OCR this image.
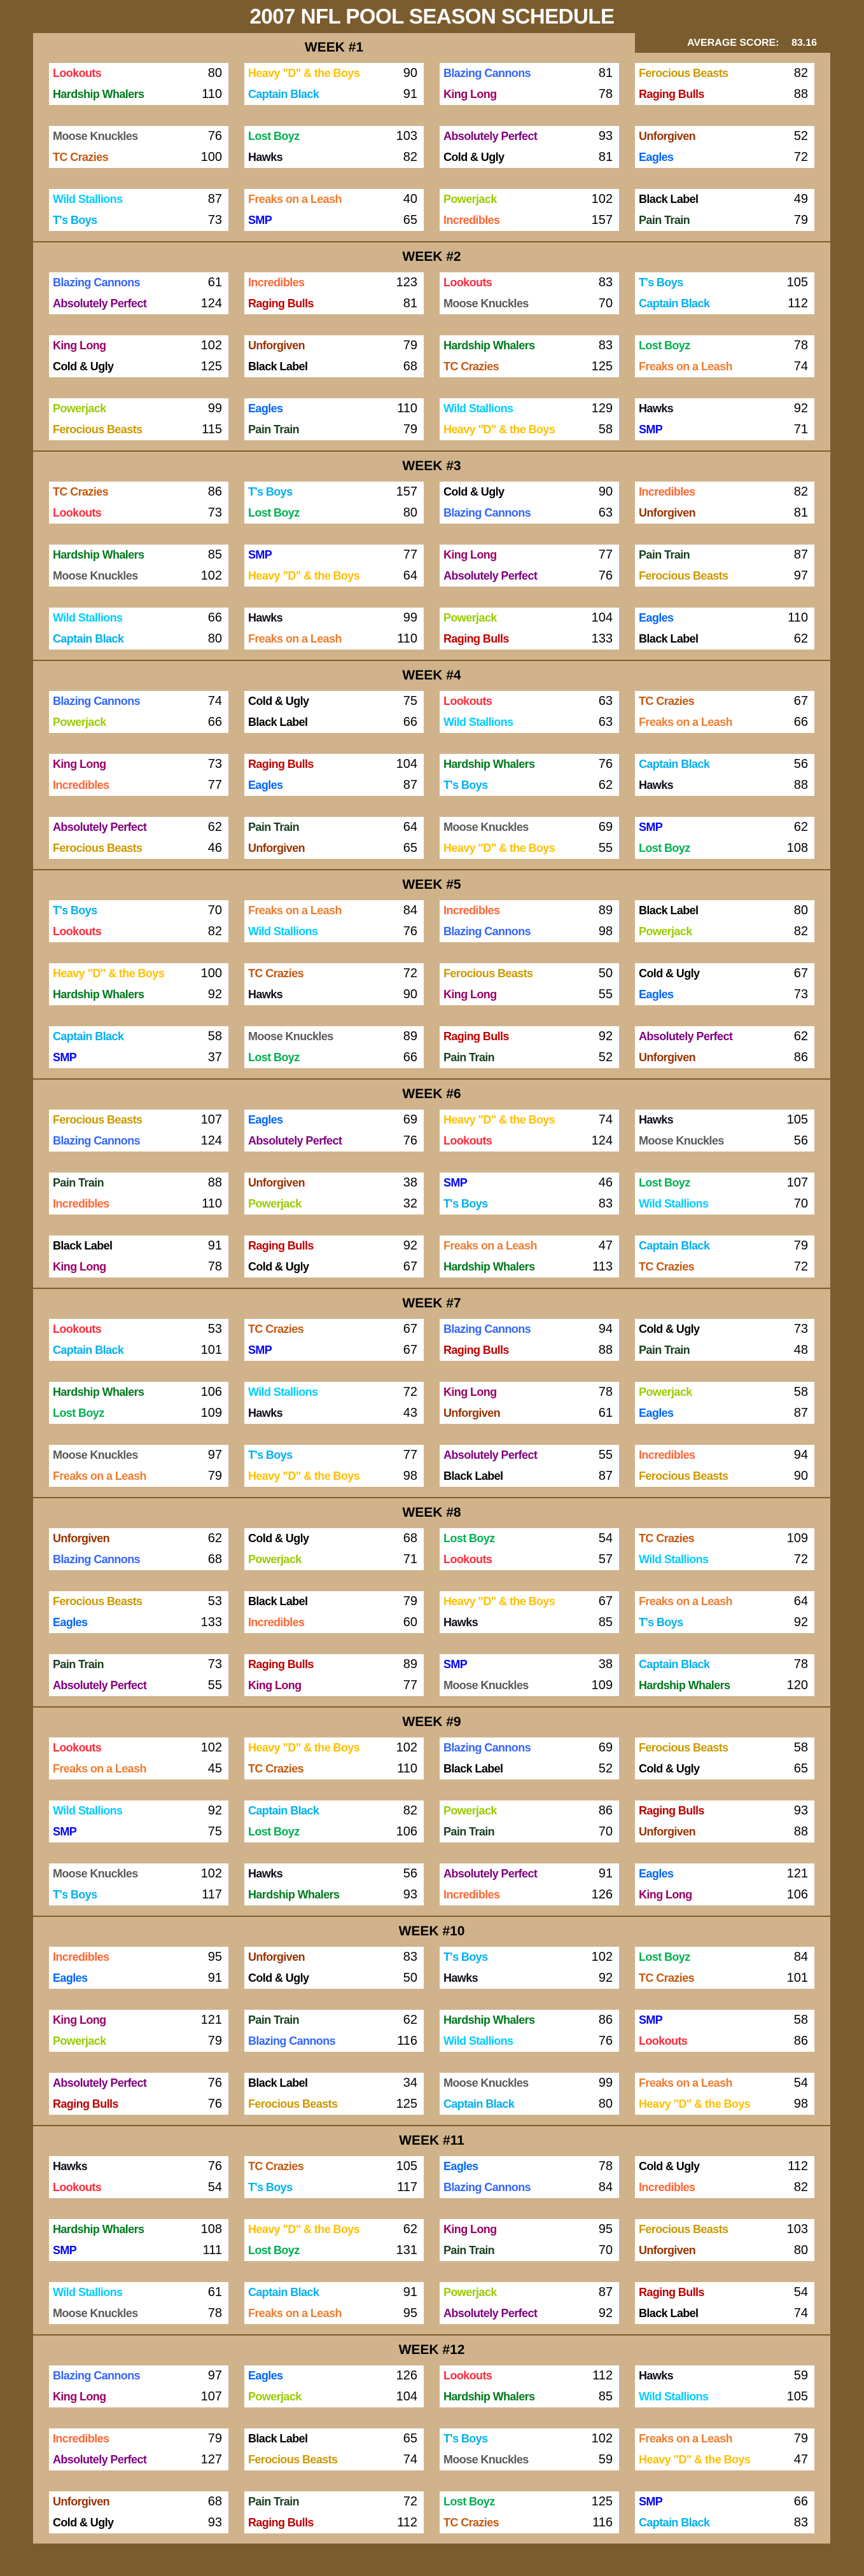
2007 NFL POOL SEASON SCHEDULE
AVERAGE SCORE: 83.16
WEEK #1
Lookouts	80
Hardship Whalers	110
Heavy "D" & the Boys	90
Captain Black	91
Blazing Cannons	81
King Long	78
Ferocious Beasts	82
Raging Bulls	88
Moose Knuckles	76
TC Crazies	100
Lost Boyz	103
Hawks	82
Absolutely Perfect	93
Cold & Ugly	81
Unforgiven	52
Eagles	72
Wild Stallions	87
T's Boys	73
Freaks on a Leash	40
SMP	65
Powerjack	102
Incredibles	157
Black Label	49
Pain Train	79
WEEK #2
Blazing Cannons	61
Absolutely Perfect	124
Incredibles	123
Raging Bulls	81
Lookouts	83
Moose Knuckles	70
T's Boys	105
Captain Black	112
King Long	102
Cold & Ugly	125
Unforgiven	79
Black Label	68
Hardship Whalers	83
TC Crazies	125
Lost Boyz	78
Freaks on a Leash	74
Powerjack	99
Ferocious Beasts	115
Eagles	110
Pain Train	79
Wild Stallions	129
Heavy "D" & the Boys	58
Hawks	92
SMP	71
WEEK #3
TC Crazies	86
Lookouts	73
T's Boys	157
Lost Boyz	80
Cold & Ugly	90
Blazing Cannons	63
Incredibles	82
Unforgiven	81
Hardship Whalers	85
Moose Knuckles	102
SMP	77
Heavy "D" & the Boys	64
King Long	77
Absolutely Perfect	76
Pain Train	87
Ferocious Beasts	97
Wild Stallions	66
Captain Black	80
Hawks	99
Freaks on a Leash	110
Powerjack	104
Raging Bulls	133
Eagles	110
Black Label	62
WEEK #4
Blazing Cannons	74
Powerjack	66
Cold & Ugly	75
Black Label	66
Lookouts	63
Wild Stallions	63
TC Crazies	67
Freaks on a Leash	66
King Long	73
Incredibles	77
Raging Bulls	104
Eagles	87
Hardship Whalers	76
T's Boys	62
Captain Black	56
Hawks	88
Absolutely Perfect	62
Ferocious Beasts	46
Pain Train	64
Unforgiven	65
Moose Knuckles	69
Heavy "D" & the Boys	55
SMP	62
Lost Boyz	108
WEEK #5
T's Boys	70
Lookouts	82
Freaks on a Leash	84
Wild Stallions	76
Incredibles	89
Blazing Cannons	98
Black Label	80
Powerjack	82
Heavy "D" & the Boys	100
Hardship Whalers	92
TC Crazies	72
Hawks	90
Ferocious Beasts	50
King Long	55
Cold & Ugly	67
Eagles	73
Captain Black	58
SMP	37
Moose Knuckles	89
Lost Boyz	66
Raging Bulls	92
Pain Train	52
Absolutely Perfect	62
Unforgiven	86
WEEK #6
Ferocious Beasts	107
Blazing Cannons	124
Eagles	69
Absolutely Perfect	76
Heavy "D" & the Boys	74
Lookouts	124
Hawks	105
Moose Knuckles	56
Pain Train	88
Incredibles	110
Unforgiven	38
Powerjack	32
SMP	46
T's Boys	83
Lost Boyz	107
Wild Stallions	70
Black Label	91
King Long	78
Raging Bulls	92
Cold & Ugly	67
Freaks on a Leash	47
Hardship Whalers	113
Captain Black	79
TC Crazies	72
WEEK #7
Lookouts	53
Captain Black	101
TC Crazies	67
SMP	67
Blazing Cannons	94
Raging Bulls	88
Cold & Ugly	73
Pain Train	48
Hardship Whalers	106
Lost Boyz	109
Wild Stallions	72
Hawks	43
King Long	78
Unforgiven	61
Powerjack	58
Eagles	87
Moose Knuckles	97
Freaks on a Leash	79
T's Boys	77
Heavy "D" & the Boys	98
Absolutely Perfect	55
Black Label	87
Incredibles	94
Ferocious Beasts	90
WEEK #8
Unforgiven	62
Blazing Cannons	68
Cold & Ugly	68
Powerjack	71
Lost Boyz	54
Lookouts	57
TC Crazies	109
Wild Stallions	72
Ferocious Beasts	53
Eagles	133
Black Label	79
Incredibles	60
Heavy "D" & the Boys	67
Hawks	85
Freaks on a Leash	64
T's Boys	92
Pain Train	73
Absolutely Perfect	55
Raging Bulls	89
King Long	77
SMP	38
Moose Knuckles	109
Captain Black	78
Hardship Whalers	120
WEEK #9
Lookouts	102
Freaks on a Leash	45
Heavy "D" & the Boys	102
TC Crazies	110
Blazing Cannons	69
Black Label	52
Ferocious Beasts	58
Cold & Ugly	65
Wild Stallions	92
SMP	75
Captain Black	82
Lost Boyz	106
Powerjack	86
Pain Train	70
Raging Bulls	93
Unforgiven	88
Moose Knuckles	102
T's Boys	117
Hawks	56
Hardship Whalers	93
Absolutely Perfect	91
Incredibles	126
Eagles	121
King Long	106
WEEK #10
Incredibles	95
Eagles	91
Unforgiven	83
Cold & Ugly	50
T's Boys	102
Hawks	92
Lost Boyz	84
TC Crazies	101
King Long	121
Powerjack	79
Pain Train	62
Blazing Cannons	116
Hardship Whalers	86
Wild Stallions	76
SMP	58
Lookouts	86
Absolutely Perfect	76
Raging Bulls	76
Black Label	34
Ferocious Beasts	125
Moose Knuckles	99
Captain Black	80
Freaks on a Leash	54
Heavy "D" & the Boys	98
WEEK #11
Hawks	76
Lookouts	54
TC Crazies	105
T's Boys	117
Eagles	78
Blazing Cannons	84
Cold & Ugly	112
Incredibles	82
Hardship Whalers	108
SMP	111
Heavy "D" & the Boys	62
Lost Boyz	131
King Long	95
Pain Train	70
Ferocious Beasts	103
Unforgiven	80
Wild Stallions	61
Moose Knuckles	78
Captain Black	91
Freaks on a Leash	95
Powerjack	87
Absolutely Perfect	92
Raging Bulls	54
Black Label	74
WEEK #12
Blazing Cannons	97
King Long	107
Eagles	126
Powerjack	104
Lookouts	112
Hardship Whalers	85
Hawks	59
Wild Stallions	105
Incredibles	79
Absolutely Perfect	127
Black Label	65
Ferocious Beasts	74
T's Boys	102
Moose Knuckles	59
Freaks on a Leash	79
Heavy "D" & the Boys	47
Unforgiven	68
Cold & Ugly	93
Pain Train	72
Raging Bulls	112
Lost Boyz	125
TC Crazies	116
SMP	66
Captain Black	83
